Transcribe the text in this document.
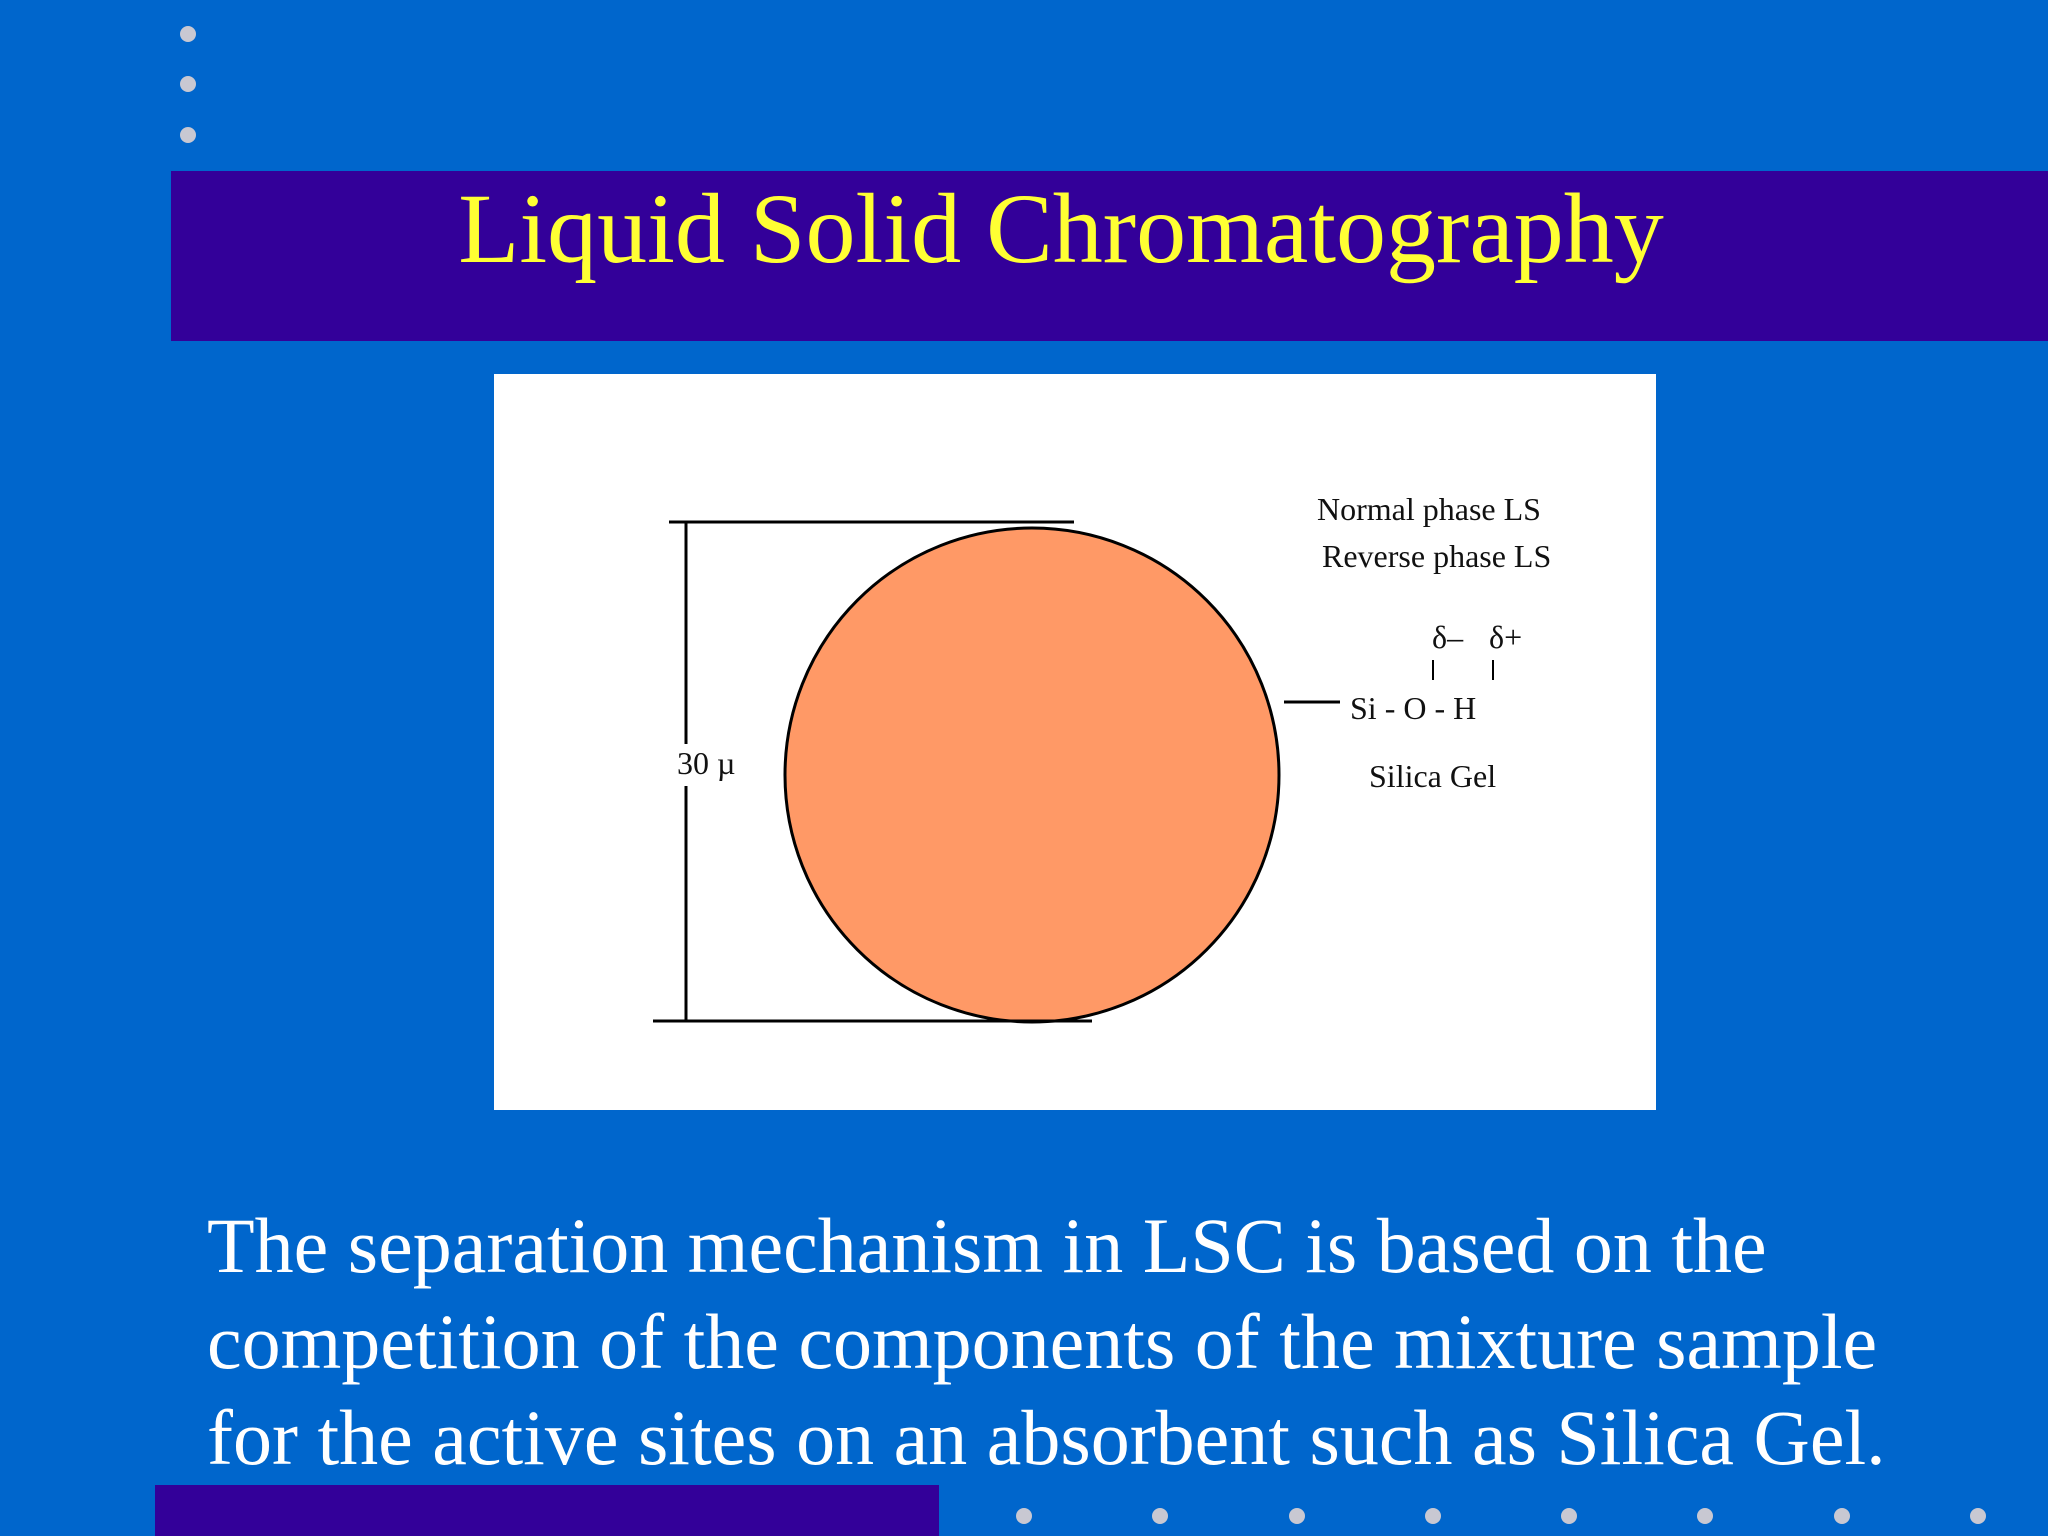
Liquid Solid Chromatography
30 µ
Normal phase LS
Reverse phase LS
δ– δ+
Si - O - H
Silica Gel

The separation mechanism in LSC is based on the

competition of the components of the mixture sample

for the active sites on an absorbent such as Silica Gel.
